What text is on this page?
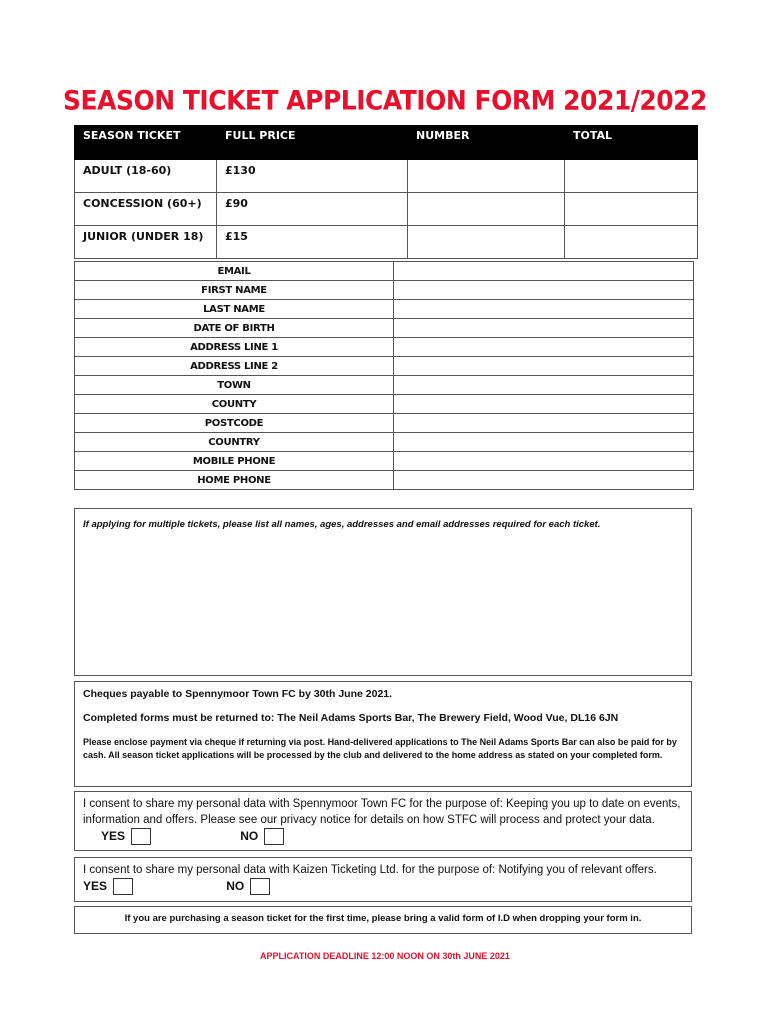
SEASON TICKET APPLICATION FORM 2021/2022
SEASON TICKET	FULL PRICE	NUMBER	TOTAL
ADULT (18-60)	£130		
CONCESSION (60+)	£90		
JUNIOR (UNDER 18)	£15		
EMAIL	
FIRST NAME	
LAST NAME	
DATE OF BIRTH	
ADDRESS LINE 1	
ADDRESS LINE 2	
TOWN	
COUNTY	
POSTCODE	
COUNTRY	
MOBILE PHONE	
HOME PHONE	
If applying for multiple tickets, please list all names, ages, addresses and email addresses required for each ticket.

Cheques payable to Spennymoor Town FC by 30th June 2021.

Completed forms must be returned to: The Neil Adams Sports Bar, The Brewery Field, Wood Vue, DL16 6JN

Please enclose payment via cheque if returning via post. Hand-delivered applications to The Neil Adams Sports Bar can also be paid for by cash. All season ticket applications will be processed by the club and delivered to the home address as stated on your completed form.

I consent to share my personal data with Spennymoor Town FC for the purpose of: Keeping you up to date on events, information and offers. Please see our privacy notice for details on how STFC will process and protect your data. YES	NO
I consent to share my personal data with Kaizen Ticketing Ltd. for the purpose of: Notifying you of relevant offers.
YES	NO
If you are purchasing a season ticket for the first time, please bring a valid form of I.D when dropping your form in.
APPLICATION DEADLINE 12:00 NOON ON 30th JUNE 2021
